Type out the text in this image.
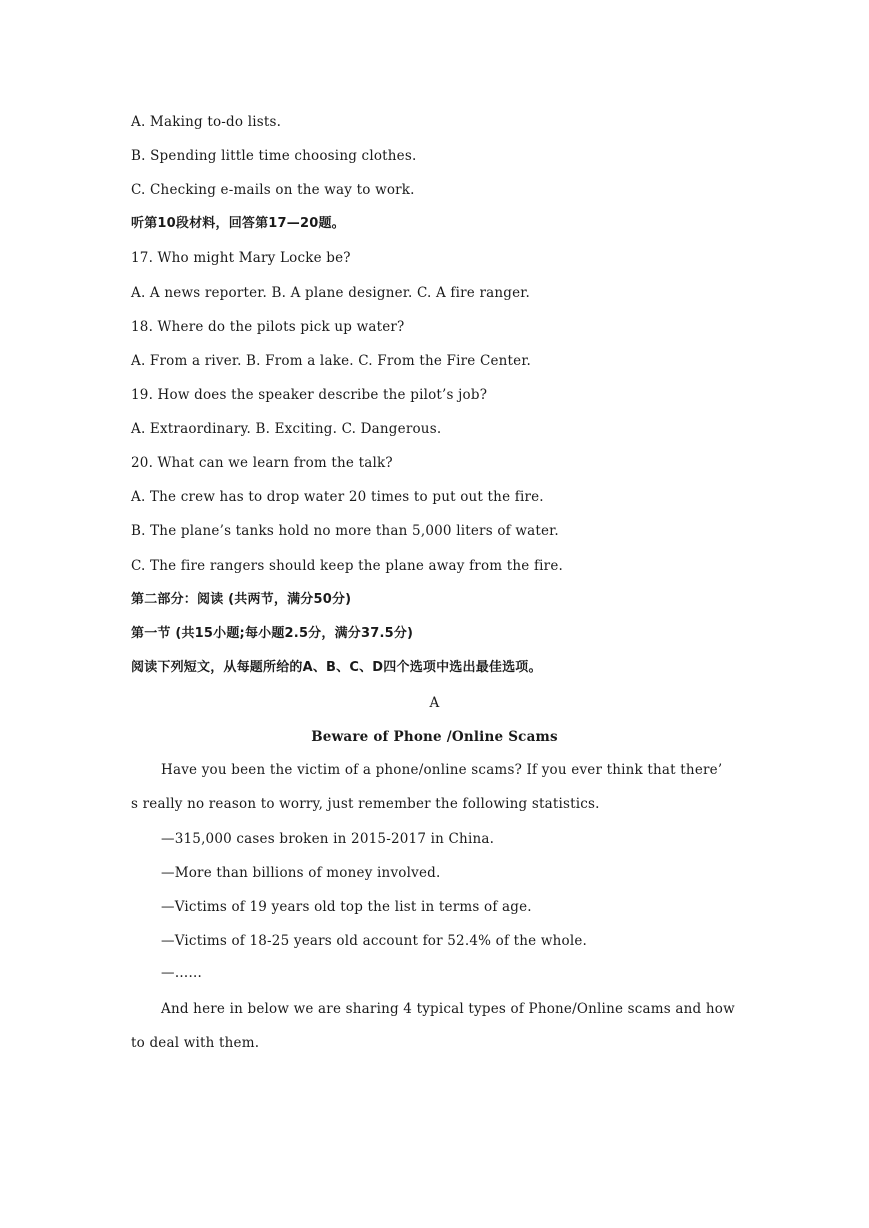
A. Making to-do lists.
B. Spending little time choosing clothes.
C. Checking e-mails on the way to work.
听第10段材料，回答第17—20题。
17. Who might Mary Locke be?
A. A news reporter. B. A plane designer. C. A fire ranger.
18. Where do the pilots pick up water?
A. From a river. B. From a lake. C. From the Fire Center.
19. How does the speaker describe the pilot’s job?
A. Extraordinary. B. Exciting. C. Dangerous.
20. What can we learn from the talk?
A. The crew has to drop water 20 times to put out the fire.
B. The plane’s tanks hold no more than 5,000 liters of water.
C. The fire rangers should keep the plane away from the fire.
第二部分：阅读 (共两节，满分50分)
第一节 (共15小题;每小题2.5分，满分37.5分)
阅读下列短文，从每题所给的A、B、C、D四个选项中选出最佳选项。
A
Beware of Phone /Online Scams
Have you been the victim of a phone/online scams? If you ever think that there’
s really no reason to worry, just remember the following statistics.
—315,000 cases broken in 2015-2017 in China.
—More than billions of money involved.
—Victims of 19 years old top the list in terms of age.
—Victims of 18-25 years old account for 52.4% of the whole.
—……
And here in below we are sharing 4 typical types of Phone/Online scams and how
to deal with them.
